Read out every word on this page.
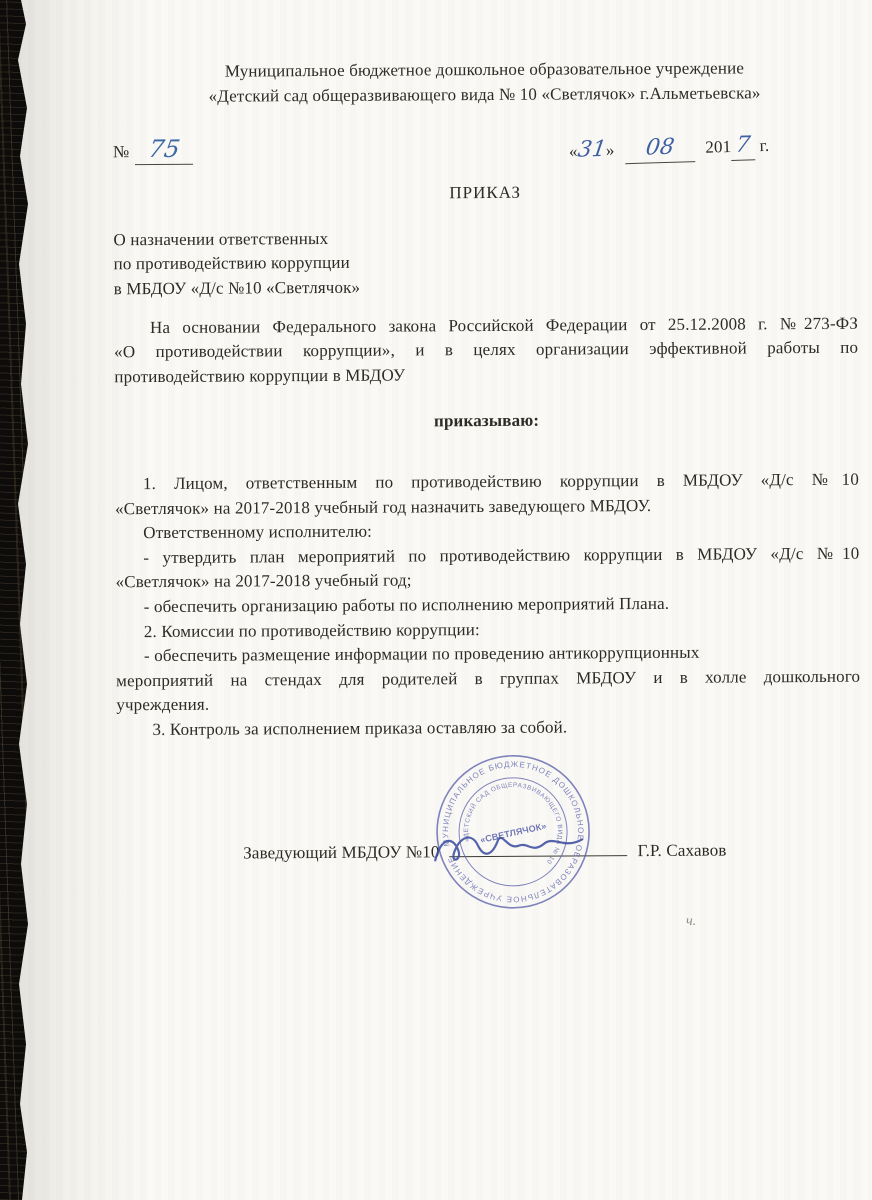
Муниципальное бюджетное дошкольное образовательное учреждение
«Детский сад общеразвивающего вида № 10 «Светлячок» г.Альметьевска»
№ 75	«31» 08 201 7 г.
ПРИКАЗ
О назначении ответственных
по противодействию коррупции
в МБДОУ «Д/с №10 «Светлячок»
На основании Федерального закона Российской Федерации от 25.12.2008 г. №273-ФЗ
«О противодействии коррупции», и в целях организации эффективной работы по
противодействию коррупции в МБДОУ
приказываю:
1. Лицом, ответственным по противодействию коррупции в МБДОУ «Д/с №10
«Светлячок» на 2017-2018 учебный год назначить заведующего МБДОУ.
Ответственному исполнителю:
- утвердить план мероприятий по противодействию коррупции в МБДОУ «Д/с №10
«Светлячок» на 2017-2018 учебный год;
- обеспечить организацию работы по исполнению мероприятий Плана.
2. Комиссии по противодействию коррупции:
- обеспечить размещение информации по проведению антикоррупционных
мероприятий на стендах для родителей в группах МБДОУ и в холле дошкольного
учреждения.
3. Контроль за исполнением приказа оставляю за собой.
Заведующий МБДОУ №10	Г.Р. Сахавов
МУНИЦИПАЛЬНОЕ БЮДЖЕТНОЕ ДОШКОЛЬНОЕ ОБРАЗОВАТЕЛЬНОЕ УЧРЕЖДЕНИЕ
«ДЕТСКИЙ САД ОБЩЕРАЗВИВАЮЩЕГО ВИДА № 10
«СВЕТЛЯЧОК»
ч.
